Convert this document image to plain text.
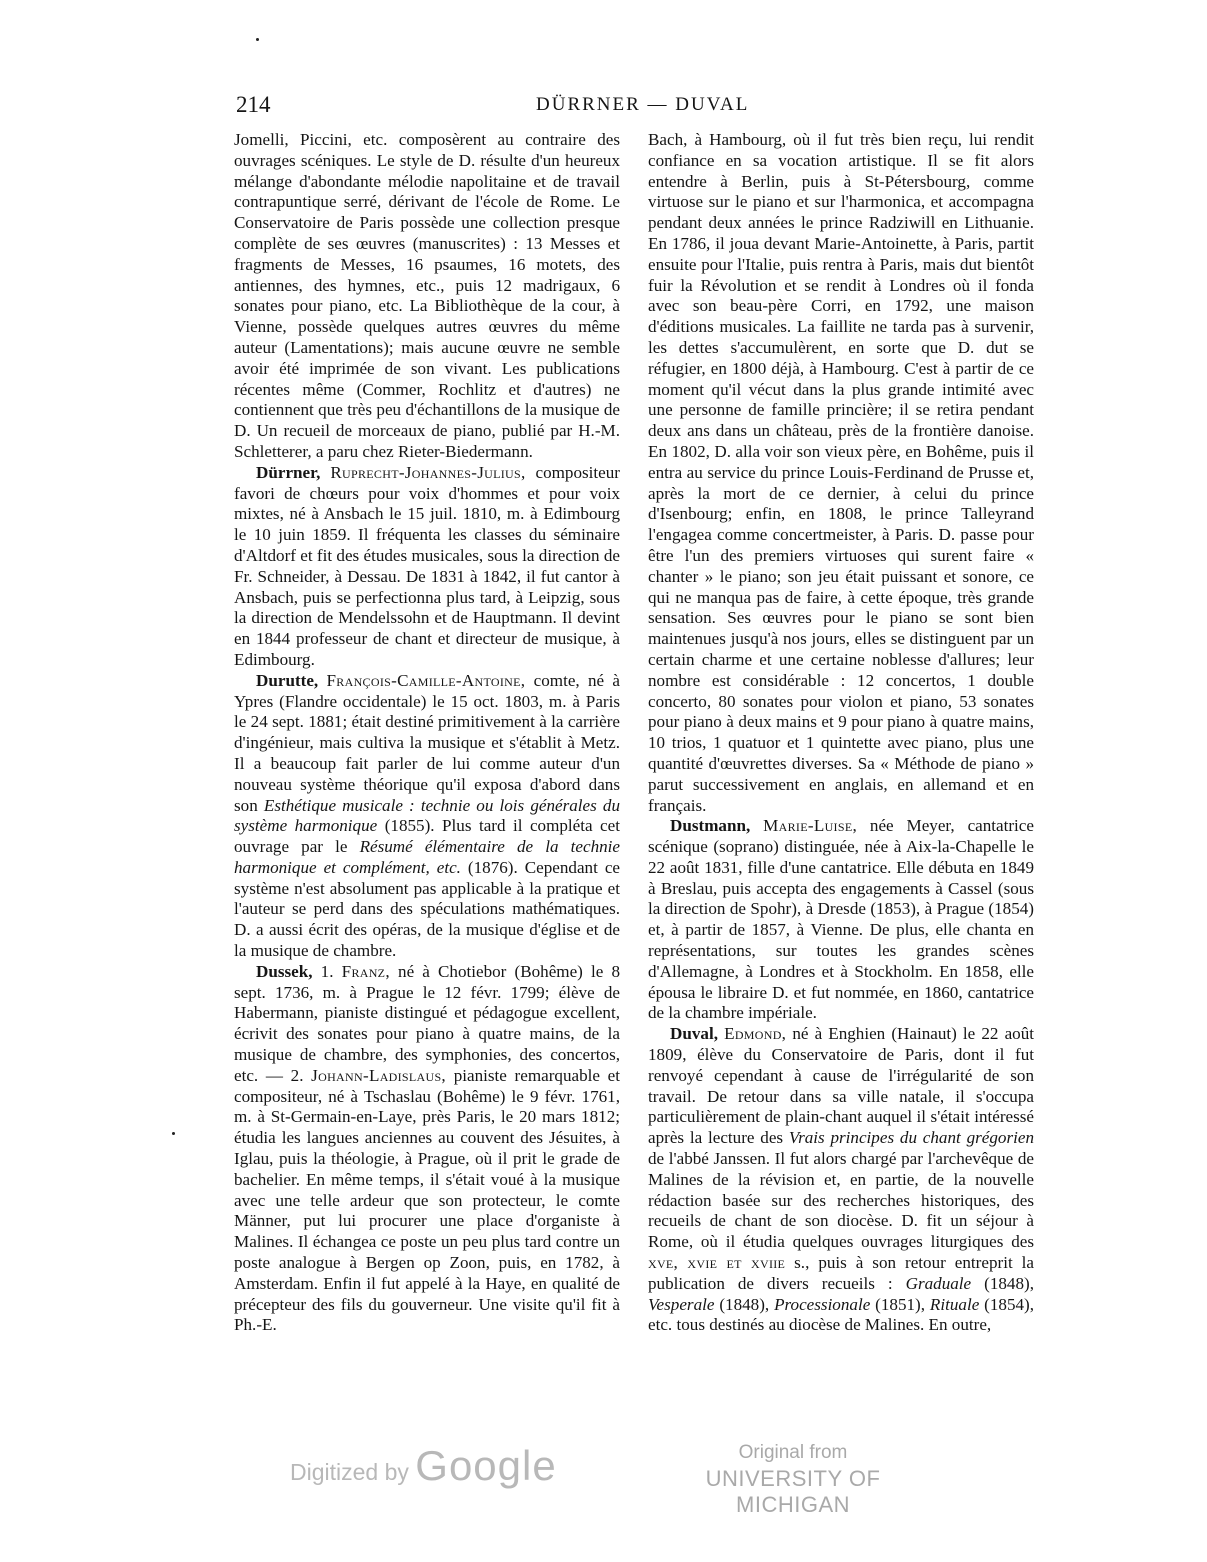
214	DÜRRNER — DUVAL

Jomelli, Piccini, etc. composèrent au contraire des ouvrages scéniques. Le style de D. résulte d'un heureux mélange d'abondante mélodie napolitaine et de travail contrapuntique serré, dérivant de l'école de Rome. Le Conservatoire de Paris possède une collection presque complète de ses œuvres (manuscrites) : 13 Messes et fragments de Messes, 16 psaumes, 16 motets, des antiennes, des hymnes, etc., puis 12 madrigaux, 6 sonates pour piano, etc. La Bibliothèque de la cour, à Vienne, possède quelques autres œuvres du même auteur (Lamentations); mais aucune œuvre ne semble avoir été imprimée de son vivant. Les publications récentes même (Commer, Rochlitz et d'autres) ne contiennent que très peu d'échantillons de la musique de D. Un recueil de morceaux de piano, publié par H.-M. Schletterer, a paru chez Rieter-Biedermann.

Dürrner, Ruprecht-Johannes-Julius, compositeur favori de chœurs pour voix d'hommes et pour voix mixtes, né à Ansbach le 15 juil. 1810, m. à Edimbourg le 10 juin 1859. Il fréquenta les classes du séminaire d'Altdorf et fit des études musicales, sous la direction de Fr. Schneider, à Dessau. De 1831 à 1842, il fut cantor à Ansbach, puis se perfectionna plus tard, à Leipzig, sous la direction de Mendelssohn et de Hauptmann. Il devint en 1844 professeur de chant et directeur de musique, à Edimbourg.

Durutte, François-Camille-Antoine, comte, né à Ypres (Flandre occidentale) le 15 oct. 1803, m. à Paris le 24 sept. 1881; était destiné primitivement à la carrière d'ingénieur, mais cultiva la musique et s'établit à Metz. Il a beaucoup fait parler de lui comme auteur d'un nouveau système théorique qu'il exposa d'abord dans son Esthétique musicale : technie ou lois générales du système harmonique (1855). Plus tard il compléta cet ouvrage par le Résumé élémentaire de la technie harmonique et complément, etc. (1876). Cependant ce système n'est absolument pas applicable à la pratique et l'auteur se perd dans des spéculations mathématiques. D. a aussi écrit des opéras, de la musique d'église et de la musique de chambre.

Dussek, 1. Franz, né à Chotiebor (Bohême) le 8 sept. 1736, m. à Prague le 12 févr. 1799; élève de Habermann, pianiste distingué et pédagogue excellent, écrivit des sonates pour piano à quatre mains, de la musique de chambre, des symphonies, des concertos, etc. — 2. Johann-Ladislaus, pianiste remarquable et compositeur, né à Tschaslau (Bohême) le 9 févr. 1761, m. à St-Germain-en-Laye, près Paris, le 20 mars 1812; étudia les langues anciennes au couvent des Jésuites, à Iglau, puis la théologie, à Prague, où il prit le grade de bachelier. En même temps, il s'était voué à la musique avec une telle ardeur que son protecteur, le comte Männer, put lui procurer une place d'organiste à Malines. Il échangea ce poste un peu plus tard contre un poste analogue à Bergen op Zoon, puis, en 1782, à Amsterdam. Enfin il fut appelé à la Haye, en qualité de précepteur des fils du gouverneur. Une visite qu'il fit à Ph.-E.

Bach, à Hambourg, où il fut très bien reçu, lui rendit confiance en sa vocation artistique. Il se fit alors entendre à Berlin, puis à St-Pétersbourg, comme virtuose sur le piano et sur l'harmonica, et accompagna pendant deux années le prince Radziwill en Lithuanie. En 1786, il joua devant Marie-Antoinette, à Paris, partit ensuite pour l'Italie, puis rentra à Paris, mais dut bientôt fuir la Révolution et se rendit à Londres où il fonda avec son beau-père Corri, en 1792, une maison d'éditions musicales. La faillite ne tarda pas à survenir, les dettes s'accumulèrent, en sorte que D. dut se réfugier, en 1800 déjà, à Hambourg. C'est à partir de ce moment qu'il vécut dans la plus grande intimité avec une personne de famille princière; il se retira pendant deux ans dans un château, près de la frontière danoise. En 1802, D. alla voir son vieux père, en Bohême, puis il entra au service du prince Louis-Ferdinand de Prusse et, après la mort de ce dernier, à celui du prince d'Isenbourg; enfin, en 1808, le prince Talleyrand l'engagea comme concertmeister, à Paris. D. passe pour être l'un des premiers virtuoses qui surent faire « chanter » le piano; son jeu était puissant et sonore, ce qui ne manqua pas de faire, à cette époque, très grande sensation. Ses œuvres pour le piano se sont bien maintenues jusqu'à nos jours, elles se distinguent par un certain charme et une certaine noblesse d'allures; leur nombre est considérable : 12 concertos, 1 double concerto, 80 sonates pour violon et piano, 53 sonates pour piano à deux mains et 9 pour piano à quatre mains, 10 trios, 1 quatuor et 1 quintette avec piano, plus une quantité d'œuvrettes diverses. Sa « Méthode de piano » parut successivement en anglais, en allemand et en français.

Dustmann, Marie-Luise, née Meyer, cantatrice scénique (soprano) distinguée, née à Aix-la-Chapelle le 22 août 1831, fille d'une cantatrice. Elle débuta en 1849 à Breslau, puis accepta des engagements à Cassel (sous la direction de Spohr), à Dresde (1853), à Prague (1854) et, à partir de 1857, à Vienne. De plus, elle chanta en représentations, sur toutes les grandes scènes d'Allemagne, à Londres et à Stockholm. En 1858, elle épousa le libraire D. et fut nommée, en 1860, cantatrice de la chambre impériale.

Duval, Edmond, né à Enghien (Hainaut) le 22 août 1809, élève du Conservatoire de Paris, dont il fut renvoyé cependant à cause de l'irrégularité de son travail. De retour dans sa ville natale, il s'occupa particulièrement de plain-chant auquel il s'était intéressé après la lecture des Vrais principes du chant grégorien de l'abbé Janssen. Il fut alors chargé par l'archevêque de Malines de la révision et, en partie, de la nouvelle rédaction basée sur des recherches historiques, des recueils de chant de son diocèse. D. fit un séjour à Rome, où il étudia quelques ouvrages liturgiques des xve, xvie et xviie s., puis à son retour entreprit la publication de divers recueils : Graduale (1848), Vesperale (1848), Processionale (1851), Rituale (1854), etc. tous destinés au diocèse de Malines. En outre,

Digitized by Google	Original from
UNIVERSITY OF MICHIGAN
